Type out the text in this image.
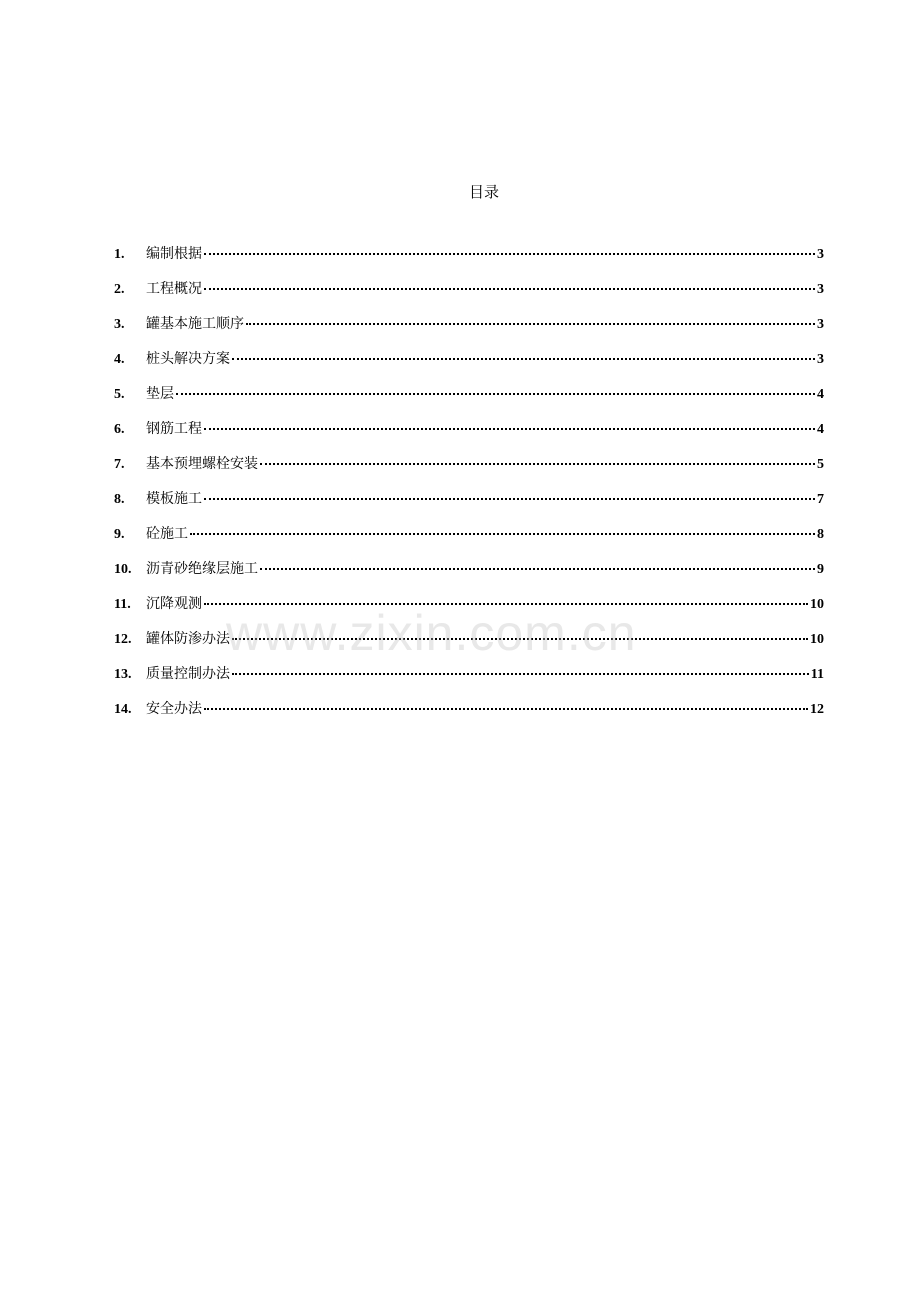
目录
1.	编制根据	3
2.	工程概况	3
3.	罐基本施工顺序	3
4.	桩头解决方案	3
5.	垫层	4
6.	钢筋工程	4
7.	基本预埋螺栓安装	5
8.	模板施工	7
9.	砼施工	8
10.	沥青砂绝缘层施工	9
11.	沉降观测	10
12.	罐体防渗办法	10
13.	质量控制办法	11
14.	安全办法	12
www.zixin.com.cn
